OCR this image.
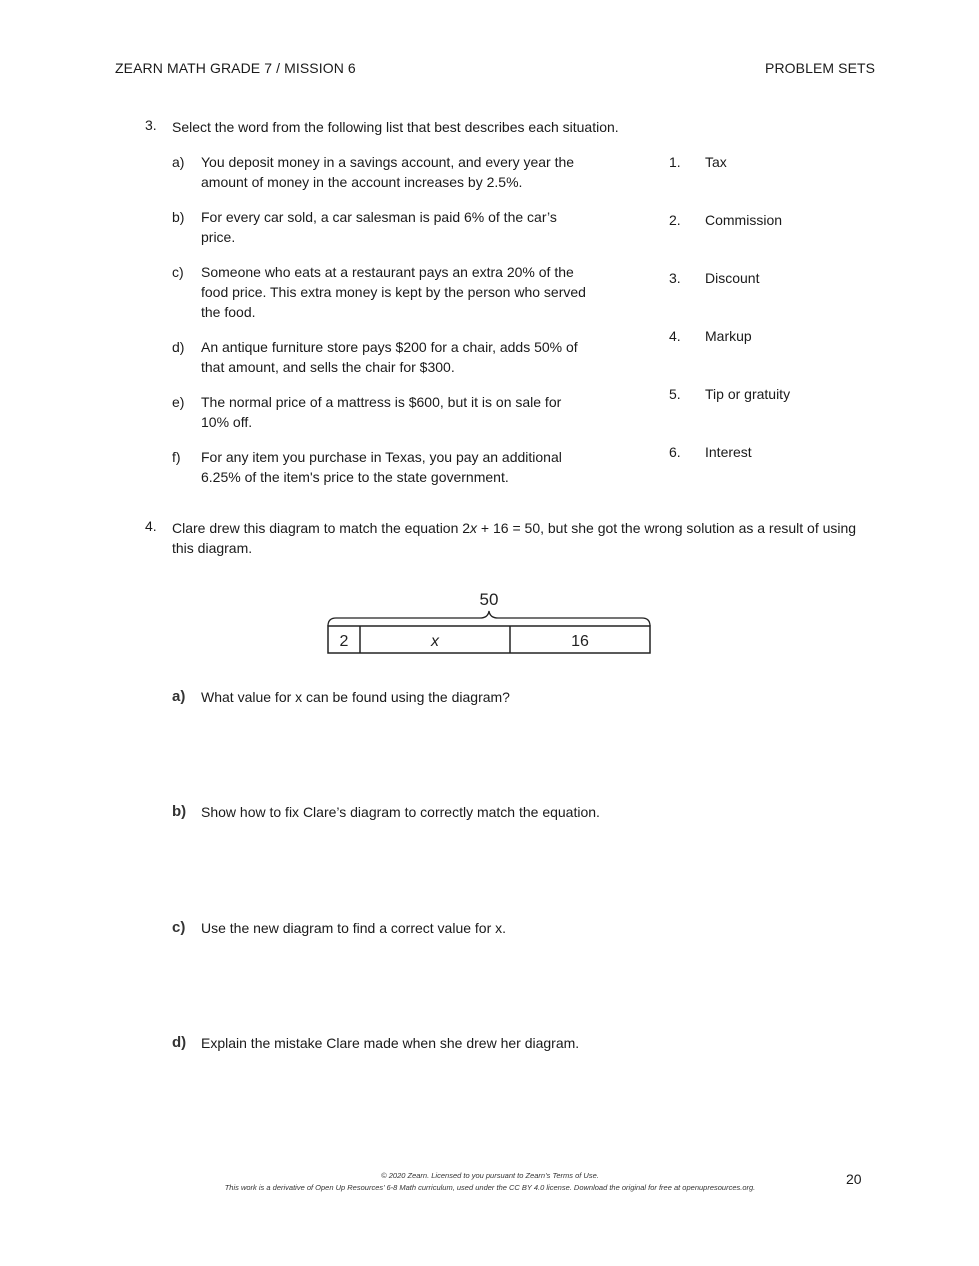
ZEARN MATH GRADE 7 / MISSION 6	PROBLEM SETS
3. Select the word from the following list that best describes each situation.
a) You deposit money in a savings account, and every year the amount of money in the account increases by 2.5%.
b) For every car sold, a car salesman is paid 6% of the car’s price.
c) Someone who eats at a restaurant pays an extra 20% of the food price. This extra money is kept by the person who served the food.
d) An antique furniture store pays $200 for a chair, adds 50% of that amount, and sells the chair for $300.
e) The normal price of a mattress is $600, but it is on sale for 10% off.
f) For any item you purchase in Texas, you pay an additional 6.25% of the item's price to the state government.
1. Tax
2. Commission
3. Discount
4. Markup
5. Tip or gratuity
6. Interest
4. Clare drew this diagram to match the equation 2x + 16 = 50, but she got the wrong solution as a result of using this diagram.
50
2	x	16
a) What value for x can be found using the diagram?
b) Show how to fix Clare’s diagram to correctly match the equation.
c) Use the new diagram to find a correct value for x.
d) Explain the mistake Clare made when she drew her diagram.
© 2020 Zearn. Licensed to you pursuant to Zearn’s Terms of Use.
This work is a derivative of Open Up Resources’ 6-8 Math curriculum, used under the CC BY 4.0 license. Download the original for free at openupresources.org.
20
